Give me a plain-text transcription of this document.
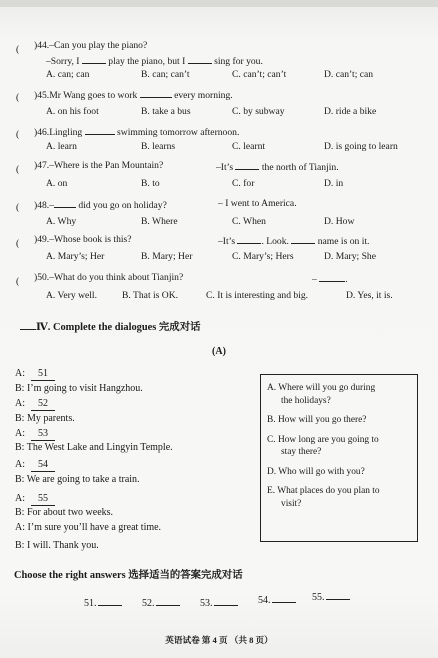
( )44.–Can you play the piano?
–Sorry, I	play the piano, but I	sing for you.
A. can; can	B. can; can’t	C. can’t; can’t	D. can’t; can
( )45.Mr Wang goes to work	every morning.
A. on his foot	B. take a bus	C. by subway	D. ride a bike
( )46.Lingling	swimming tomorrow afternoon.
A. learn	B. learns	C. learnt	D. is going to learn
( )47.–Where is the Pan Mountain?	–It’s	the north of Tianjin.
A. on	B. to	C. for	D. in
( )48.–	did you go on holiday?	– I went to America.
A. Why	B. Where	C. When	D. How
( )49.–Whose book is this?	–It’s	. Look.	name is on it.
A. Mary’s; Her	B. Mary; Her	C. Mary’s; Hers	D. Mary; She
( )50.–What do you think about Tianjin?	–	.
A. Very well.	B. That is OK.	C. It is interesting and big.	D. Yes, it is.
Ⅳ. Complete the dialogues 完成对话
(A)
A: 51
B: I’m going to visit Hangzhou.
A: 52
B: My parents.
A: 53
B: The West Lake and Lingyin Temple.
A: 54
B: We are going to take a train.
A: 55
B: For about two weeks.
A: I’m sure you’ll have a great time.
B: I will. Thank you.
A. Where will you go during
the holidays?
B. How will you go there?
C. How long are you going to
stay there?
D. Who will go with you?
E. What places do you plan to
visit?
Choose the right answers 选择适当的答案完成对话
51.	52.	53.	54.	55.
英语试卷 第 4 页 （共 8 页）
